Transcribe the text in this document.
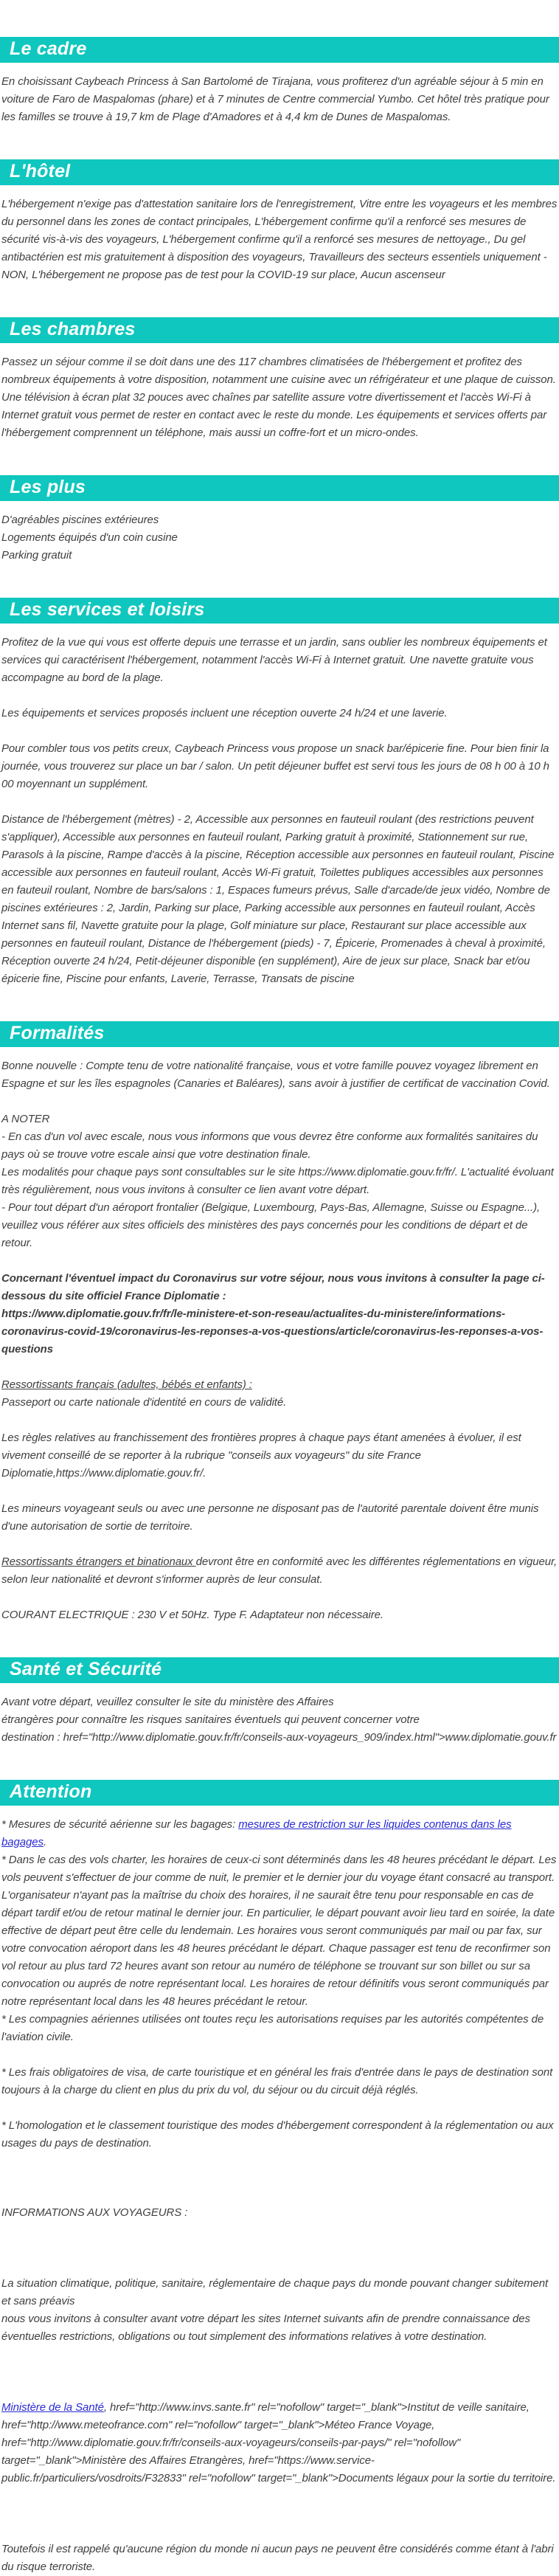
Le cadre

En choisissant Caybeach Princess à San Bartolomé de Tirajana, vous profiterez d'un agréable séjour à 5 min en voiture de Faro de Maspalomas (phare) et à 7 minutes de Centre commercial Yumbo. Cet hôtel très pratique pour les familles se trouve à 19,7 km de Plage d'Amadores et à 4,4 km de Dunes de Maspalomas.

L'hôtel

L'hébergement n'exige pas d'attestation sanitaire lors de l'enregistrement, Vitre entre les voyageurs et les membres du personnel dans les zones de contact principales, L'hébergement confirme qu'il a renforcé ses mesures de sécurité vis-à-vis des voyageurs, L'hébergement confirme qu'il a renforcé ses mesures de nettoyage., Du gel antibactérien est mis gratuitement à disposition des voyageurs, Travailleurs des secteurs essentiels uniquement - NON, L'hébergement ne propose pas de test pour la COVID-19 sur place, Aucun ascenseur

Les chambres

Passez un séjour comme il se doit dans une des 117 chambres climatisées de l'hébergement et profitez des nombreux équipements à votre disposition, notamment une cuisine avec un réfrigérateur et une plaque de cuisson. Une télévision à écran plat 32 pouces avec chaînes par satellite assure votre divertissement et l'accès Wi-Fi à Internet gratuit vous permet de rester en contact avec le reste du monde. Les équipements et services offerts par l'hébergement comprennent un téléphone, mais aussi un coffre-fort et un micro-ondes.

Les plus

D'agréables piscines extérieures
Logements équipés d'un coin cusine
Parking gratuit

Les services et loisirs

Profitez de la vue qui vous est offerte depuis une terrasse et un jardin, sans oublier les nombreux équipements et services qui caractérisent l'hébergement, notamment l'accès Wi-Fi à Internet gratuit. Une navette gratuite vous accompagne au bord de la plage.

Les équipements et services proposés incluent une réception ouverte 24 h/24 et une laverie.

Pour combler tous vos petits creux, Caybeach Princess vous propose un snack bar/épicerie fine. Pour bien finir la journée, vous trouverez sur place un bar / salon. Un petit déjeuner buffet est servi tous les jours de 08 h 00 à 10 h 00 moyennant un supplément.

Distance de l'hébergement (mètres) - 2, Accessible aux personnes en fauteuil roulant (des restrictions peuvent s'appliquer), Accessible aux personnes en fauteuil roulant, Parking gratuit à proximité, Stationnement sur rue, Parasols à la piscine, Rampe d'accès à la piscine, Réception accessible aux personnes en fauteuil roulant, Piscine accessible aux personnes en fauteuil roulant, Accès Wi-Fi gratuit, Toilettes publiques accessibles aux personnes en fauteuil roulant, Nombre de bars/salons : 1, Espaces fumeurs prévus, Salle d'arcade/de jeux vidéo, Nombre de piscines extérieures : 2, Jardin, Parking sur place, Parking accessible aux personnes en fauteuil roulant, Accès Internet sans fil, Navette gratuite pour la plage, Golf miniature sur place, Restaurant sur place accessible aux personnes en fauteuil roulant, Distance de l'hébergement (pieds) - 7, Épicerie, Promenades à cheval à proximité, Réception ouverte 24 h/24, Petit-déjeuner disponible (en supplément), Aire de jeux sur place, Snack bar et/ou épicerie fine, Piscine pour enfants, Laverie, Terrasse, Transats de piscine

Formalités

Bonne nouvelle : Compte tenu de votre nationalité française, vous et votre famille pouvez voyagez librement en Espagne et sur les îles espagnoles (Canaries et Baléares), sans avoir à justifier de certificat de vaccination Covid.

A NOTER
- En cas d'un vol avec escale, nous vous informons que vous devrez être conforme aux formalités sanitaires du pays où se trouve votre escale ainsi que votre destination finale.
Les modalités pour chaque pays sont consultables sur le site https://www.diplomatie.gouv.fr/fr/. L'actualité évoluant très régulièrement, nous vous invitons à consulter ce lien avant votre départ.
- Pour tout départ d'un aéroport frontalier (Belgique, Luxembourg, Pays-Bas, Allemagne, Suisse ou Espagne...), veuillez vous référer aux sites officiels des ministères des pays concernés pour les conditions de départ et de retour.

Concernant l'éventuel impact du Coronavirus sur votre séjour, nous vous invitons à consulter la page ci-dessous du site officiel France Diplomatie :
https://www.diplomatie.gouv.fr/fr/le-ministere-et-son-reseau/actualites-du-ministere/informations-coronavirus-covid-19/coronavirus-les-reponses-a-vos-questions/article/coronavirus-les-reponses-a-vos-questions

Ressortissants français (adultes, bébés et enfants) :
Passeport ou carte nationale d'identité en cours de validité.

Les règles relatives au franchissement des frontières propres à chaque pays étant amenées à évoluer, il est vivement conseillé de se reporter à la rubrique "conseils aux voyageurs" du site France Diplomatie,https://www.diplomatie.gouv.fr/.

Les mineurs voyageant seuls ou avec une personne ne disposant pas de l'autorité parentale doivent être munis d'une autorisation de sortie de territoire.

Ressortissants étrangers et binationaux devront être en conformité avec les différentes réglementations en vigueur, selon leur nationalité et devront s'informer auprès de leur consulat.

COURANT ELECTRIQUE : 230 V et 50Hz. Type F. Adaptateur non nécessaire.

Santé et Sécurité

Avant votre départ, veuillez consulter le site du ministère des Affaires
étrangères pour connaître les risques sanitaires éventuels qui peuvent concerner votre
destination : href="http://www.diplomatie.gouv.fr/fr/conseils-aux-voyageurs_909/index.html">www.diplomatie.gouv.fr

Attention

* Mesures de sécurité aérienne sur les bagages: mesures de restriction sur les liquides contenus dans les bagages.
* Dans le cas des vols charter, les horaires de ceux-ci sont déterminés dans les 48 heures précédant le départ. Les vols peuvent s'effectuer de jour comme de nuit, le premier et le dernier jour du voyage étant consacré au transport. L'organisateur n'ayant pas la maîtrise du choix des horaires, il ne saurait être tenu pour responsable en cas de départ tardif et/ou de retour matinal le dernier jour. En particulier, le départ pouvant avoir lieu tard en soirée, la date effective de départ peut être celle du lendemain. Les horaires vous seront communiqués par mail ou par fax, sur votre convocation aéroport dans les 48 heures précédant le départ. Chaque passager est tenu de reconfirmer son vol retour au plus tard 72 heures avant son retour au numéro de téléphone se trouvant sur son billet ou sur sa convocation ou auprés de notre représentant local. Les horaires de retour définitifs vous seront communiqués par notre représentant local dans les 48 heures précédant le retour.
* Les compagnies aériennes utilisées ont toutes reçu les autorisations requises par les autorités compétentes de l'aviation civile.

* Les frais obligatoires de visa, de carte touristique et en général les frais d'entrée dans le pays de destination sont toujours à la charge du client en plus du prix du vol, du séjour ou du circuit déjà réglés.

* L'homologation et le classement touristique des modes d'hébergement correspondent à la réglementation ou aux usages du pays de destination.

INFORMATIONS AUX VOYAGEURS :

La situation climatique, politique, sanitaire, réglementaire de chaque pays du monde pouvant changer subitement et sans préavis
nous vous invitons à consulter avant votre départ les sites Internet suivants afin de prendre connaissance des éventuelles restrictions, obligations ou tout simplement des informations relatives à votre destination.

Ministère de la Santé, href="http://www.invs.sante.fr" rel="nofollow" target="_blank">Institut de veille sanitaire, href="http://www.meteofrance.com" rel="nofollow" target="_blank">Méteo France Voyage, href="http://www.diplomatie.gouv.fr/fr/conseils-aux-voyageurs/conseils-par-pays/" rel="nofollow" target="_blank">Ministère des Affaires Etrangères, href="https://www.service-public.fr/particuliers/vosdroits/F32833" rel="nofollow" target="_blank">Documents légaux pour la sortie du territoire.

Toutefois il est rappelé qu'aucune région du monde ni aucun pays ne peuvent être considérés comme étant à l'abri du risque terroriste.
